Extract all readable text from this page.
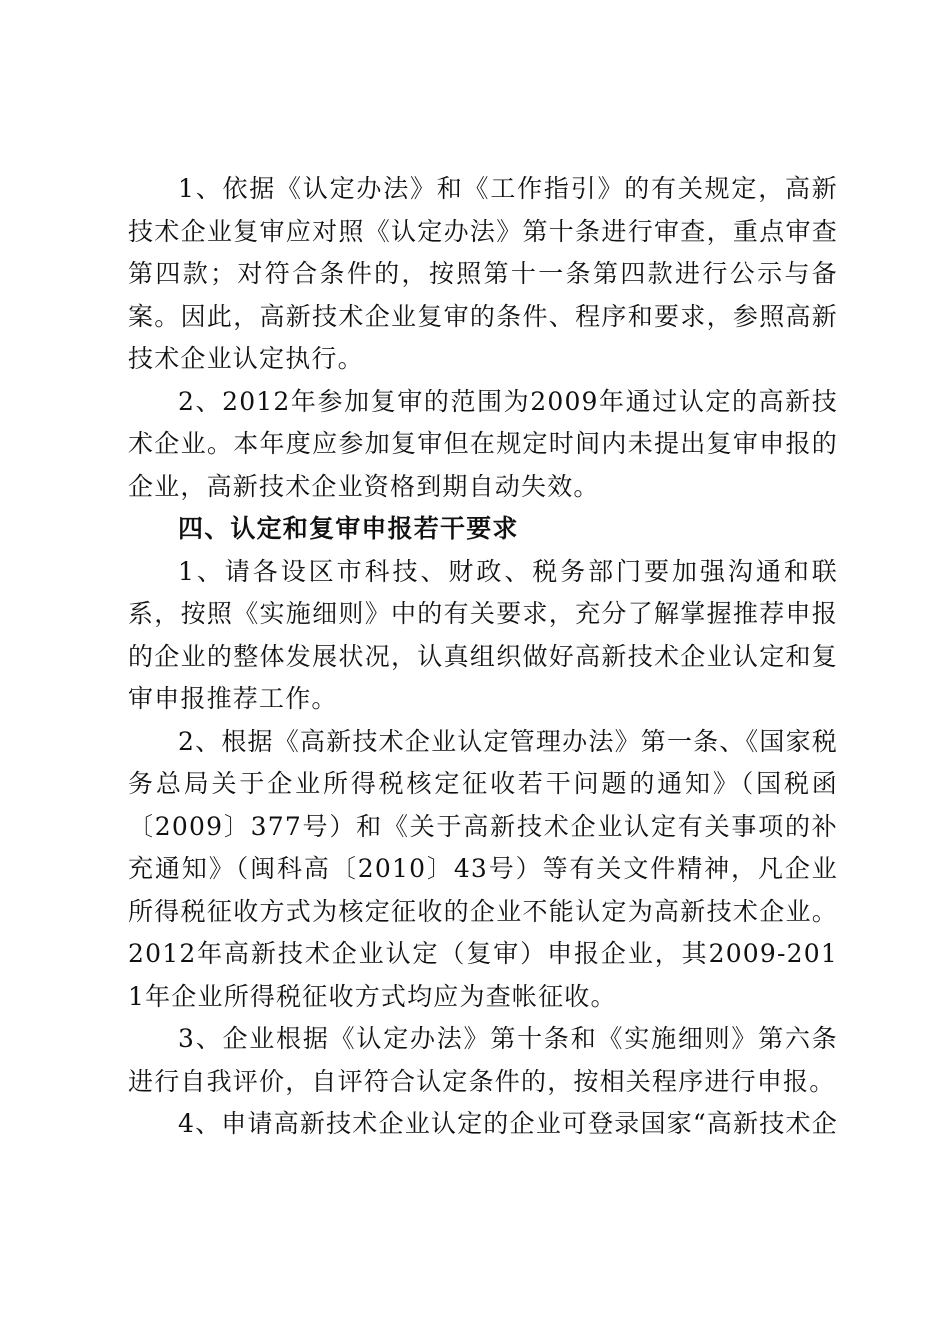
1、依据《认定办法》和《工作指引》的有关规定，高新技术企业复审应对照《认定办法》第十条进行审查，重点审查第四款；对符合条件的，按照第十一条第四款进行公示与备案。因此，高新技术企业复审的条件、程序和要求，参照高新技术企业认定执行。

2、2012年参加复审的范围为2009年通过认定的高新技术企业。本年度应参加复审但在规定时间内未提出复审申报的企业，高新技术企业资格到期自动失效。

四、认定和复审申报若干要求

1、请各设区市科技、财政、税务部门要加强沟通和联系，按照《实施细则》中的有关要求，充分了解掌握推荐申报的企业的整体发展状况，认真组织做好高新技术企业认定和复审申报推荐工作。

2、根据《高新技术企业认定管理办法》第一条、《国家税务总局关于企业所得税核定征收若干问题的通知》（国税函〔2009〕377号）和《关于高新技术企业认定有关事项的补充通知》（闽科高〔2010〕43号）等有关文件精神，凡企业所得税征收方式为核定征收的企业不能认定为高新技术企业。2012年高新技术企业认定（复审）申报企业，其2009-2011年企业所得税征收方式均应为查帐征收。

3、企业根据《认定办法》第十条和《实施细则》第六条进行自我评价，自评符合认定条件的，按相关程序进行申报。

4、申请高新技术企业认定的企业可登录国家“高新技术企
